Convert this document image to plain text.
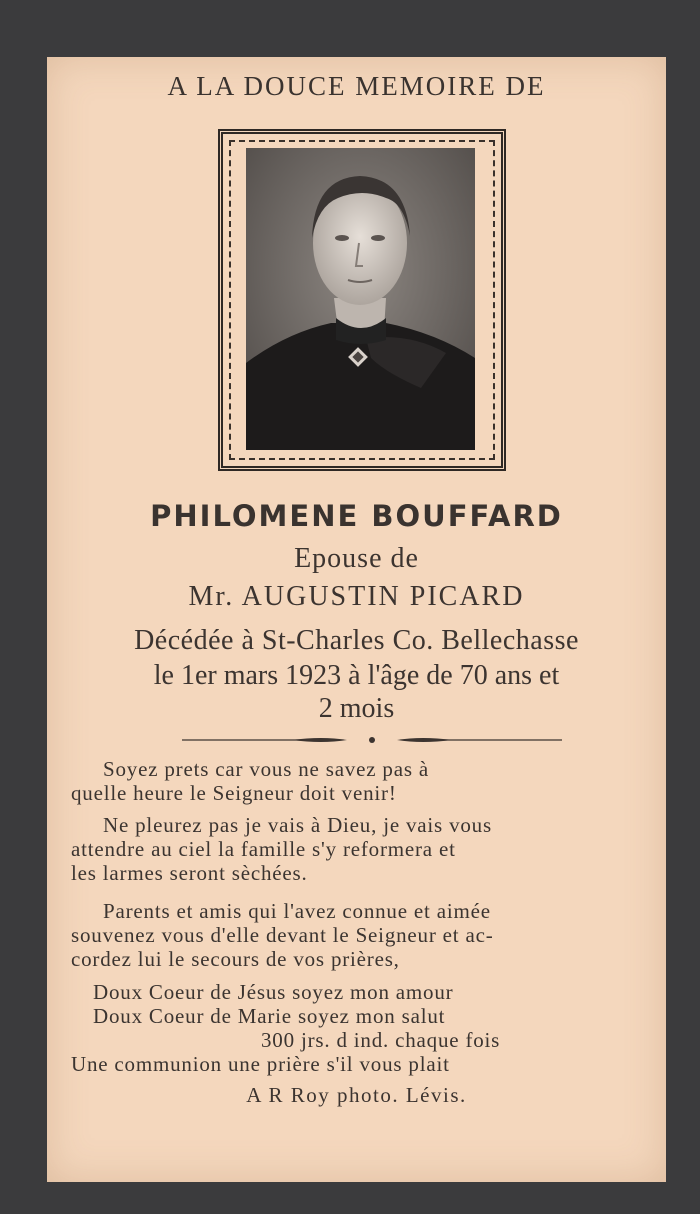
A LA DOUCE MEMOIRE DE
PHILOMENE BOUFFARD
Epouse de
Mr. AUGUSTIN PICARD
Décédée à St-Charles Co. Bellechasse
le 1er mars 1923 à l'âge de 70 ans et
2 mois
Soyez prets car vous ne savez pas à
quelle heure le Seigneur doit venir!
Ne pleurez pas je vais à Dieu, je vais vous
attendre au ciel la famille s'y reformera et
les larmes seront sèchées.
Parents et amis qui l'avez connue et aimée
souvenez vous d'elle devant le Seigneur et ac-
cordez lui le secours de vos prières,
Doux Coeur de Jésus soyez mon amour
Doux Coeur de Marie soyez mon salut
300 jrs. d ind. chaque fois
Une communion une prière s'il vous plait
A R Roy photo. Lévis.
